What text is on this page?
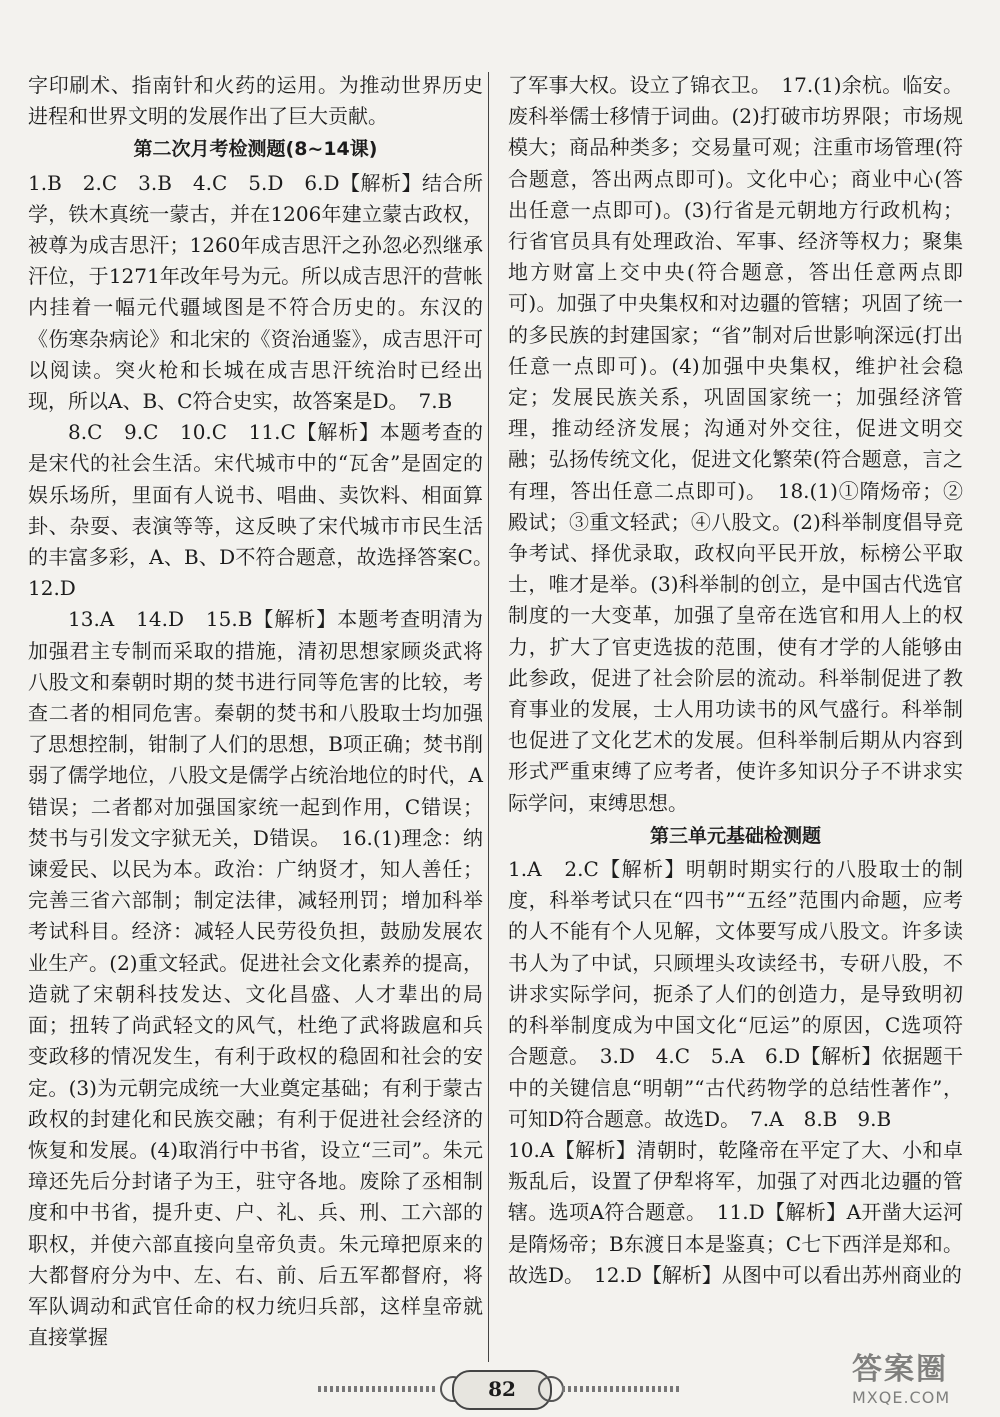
字印刷术、指南针和火药的运用。为推动世界历史进程和世界文明的发展作出了巨大贡献。

第二次月考检测题(8~14课)

1.B　2.C　3.B　4.C　5.D　6.D【解析】结合所学，铁木真统一蒙古，并在1206年建立蒙古政权，被尊为成吉思汗；1260年成吉思汗之孙忽必烈继承汗位，于1271年改年号为元。所以成吉思汗的营帐内挂着一幅元代疆域图是不符合历史的。东汉的《伤寒杂病论》和北宋的《资治通鉴》，成吉思汗可以阅读。突火枪和长城在成吉思汗统治时已经出现，所以A、B、C符合史实，故答案是D。　7.B

8.C　9.C　10.C　11.C【解析】本题考查的是宋代的社会生活。宋代城市中的“瓦舍”是固定的娱乐场所，里面有人说书、唱曲、卖饮料、相面算卦、杂耍、表演等等，这反映了宋代城市市民生活的丰富多彩，A、B、D不符合题意，故选择答案C。　12.D

13.A　14.D　15.B【解析】本题考查明清为加强君主专制而采取的措施，清初思想家顾炎武将八股文和秦朝时期的焚书进行同等危害的比较，考查二者的相同危害。秦朝的焚书和八股取士均加强了思想控制，钳制了人们的思想，B项正确；焚书削弱了儒学地位，八股文是儒学占统治地位的时代，A错误；二者都对加强国家统一起到作用，C错误；焚书与引发文字狱无关，D错误。　16.(1)理念：纳谏爱民、以民为本。政治：广纳贤才，知人善任；完善三省六部制；制定法律，减轻刑罚；增加科举考试科目。经济：减轻人民劳役负担，鼓励发展农业生产。(2)重文轻武。促进社会文化素养的提高，造就了宋朝科技发达、文化昌盛、人才辈出的局面；扭转了尚武轻文的风气，杜绝了武将跋扈和兵变政移的情况发生，有利于政权的稳固和社会的安定。(3)为元朝完成统一大业奠定基础；有利于蒙古政权的封建化和民族交融；有利于促进社会经济的恢复和发展。(4)取消行中书省，设立“三司”。朱元璋还先后分封诸子为王，驻守各地。废除了丞相制度和中书省，提升吏、户、礼、兵、刑、工六部的职权，并使六部直接向皇帝负责。朱元璋把原来的大都督府分为中、左、右、前、后五军都督府，将军队调动和武官任命的权力统归兵部，这样皇帝就直接掌握

了军事大权。设立了锦衣卫。　17.(1)余杭。临安。废科举儒士移情于词曲。(2)打破市坊界限；市场规模大；商品种类多；交易量可观；注重市场管理(符合题意，答出两点即可)。文化中心；商业中心(答出任意一点即可)。(3)行省是元朝地方行政机构；行省官员具有处理政治、军事、经济等权力；聚集地方财富上交中央(符合题意，答出任意两点即可)。加强了中央集权和对边疆的管辖；巩固了统一的多民族的封建国家；“省”制对后世影响深远(打出任意一点即可)。(4)加强中央集权，维护社会稳定；发展民族关系，巩固国家统一；加强经济管理，推动经济发展；沟通对外交往，促进文明交融；弘扬传统文化，促进文化繁荣(符合题意，言之有理，答出任意二点即可)。　18.(1)①隋炀帝；②殿试；③重文轻武；④八股文。(2)科举制度倡导竞争考试、择优录取，政权向平民开放，标榜公平取士，唯才是举。(3)科举制的创立，是中国古代选官制度的一大变革，加强了皇帝在选官和用人上的权力，扩大了官吏选拔的范围，使有才学的人能够由此参政，促进了社会阶层的流动。科举制促进了教育事业的发展，士人用功读书的风气盛行。科举制也促进了文化艺术的发展。但科举制后期从内容到形式严重束缚了应考者，使许多知识分子不讲求实际学问，束缚思想。

第三单元基础检测题

1.A　2.C【解析】明朝时期实行的八股取士的制度，科举考试只在“四书”“五经”范围内命题，应考的人不能有个人见解，文体要写成八股文。许多读书人为了中试，只顾埋头攻读经书，专研八股，不讲求实际学问，扼杀了人们的创造力，是导致明初的科举制度成为中国文化“厄运”的原因，C选项符合题意。　3.D　4.C　5.A　6.D【解析】依据题干中的关键信息“明朝”“古代药物学的总结性著作”，可知D符合题意。故选D。　7.A　8.B　9.B

10.A【解析】清朝时，乾隆帝在平定了大、小和卓叛乱后，设置了伊犁将军，加强了对西北边疆的管辖。选项A符合题意。　11.D【解析】A开凿大运河是隋炀帝；B东渡日本是鉴真；C七下西洋是郑和。故选D。　12.D【解析】从图中可以看出苏州商业的

82
答案圈
MXQE.COM
